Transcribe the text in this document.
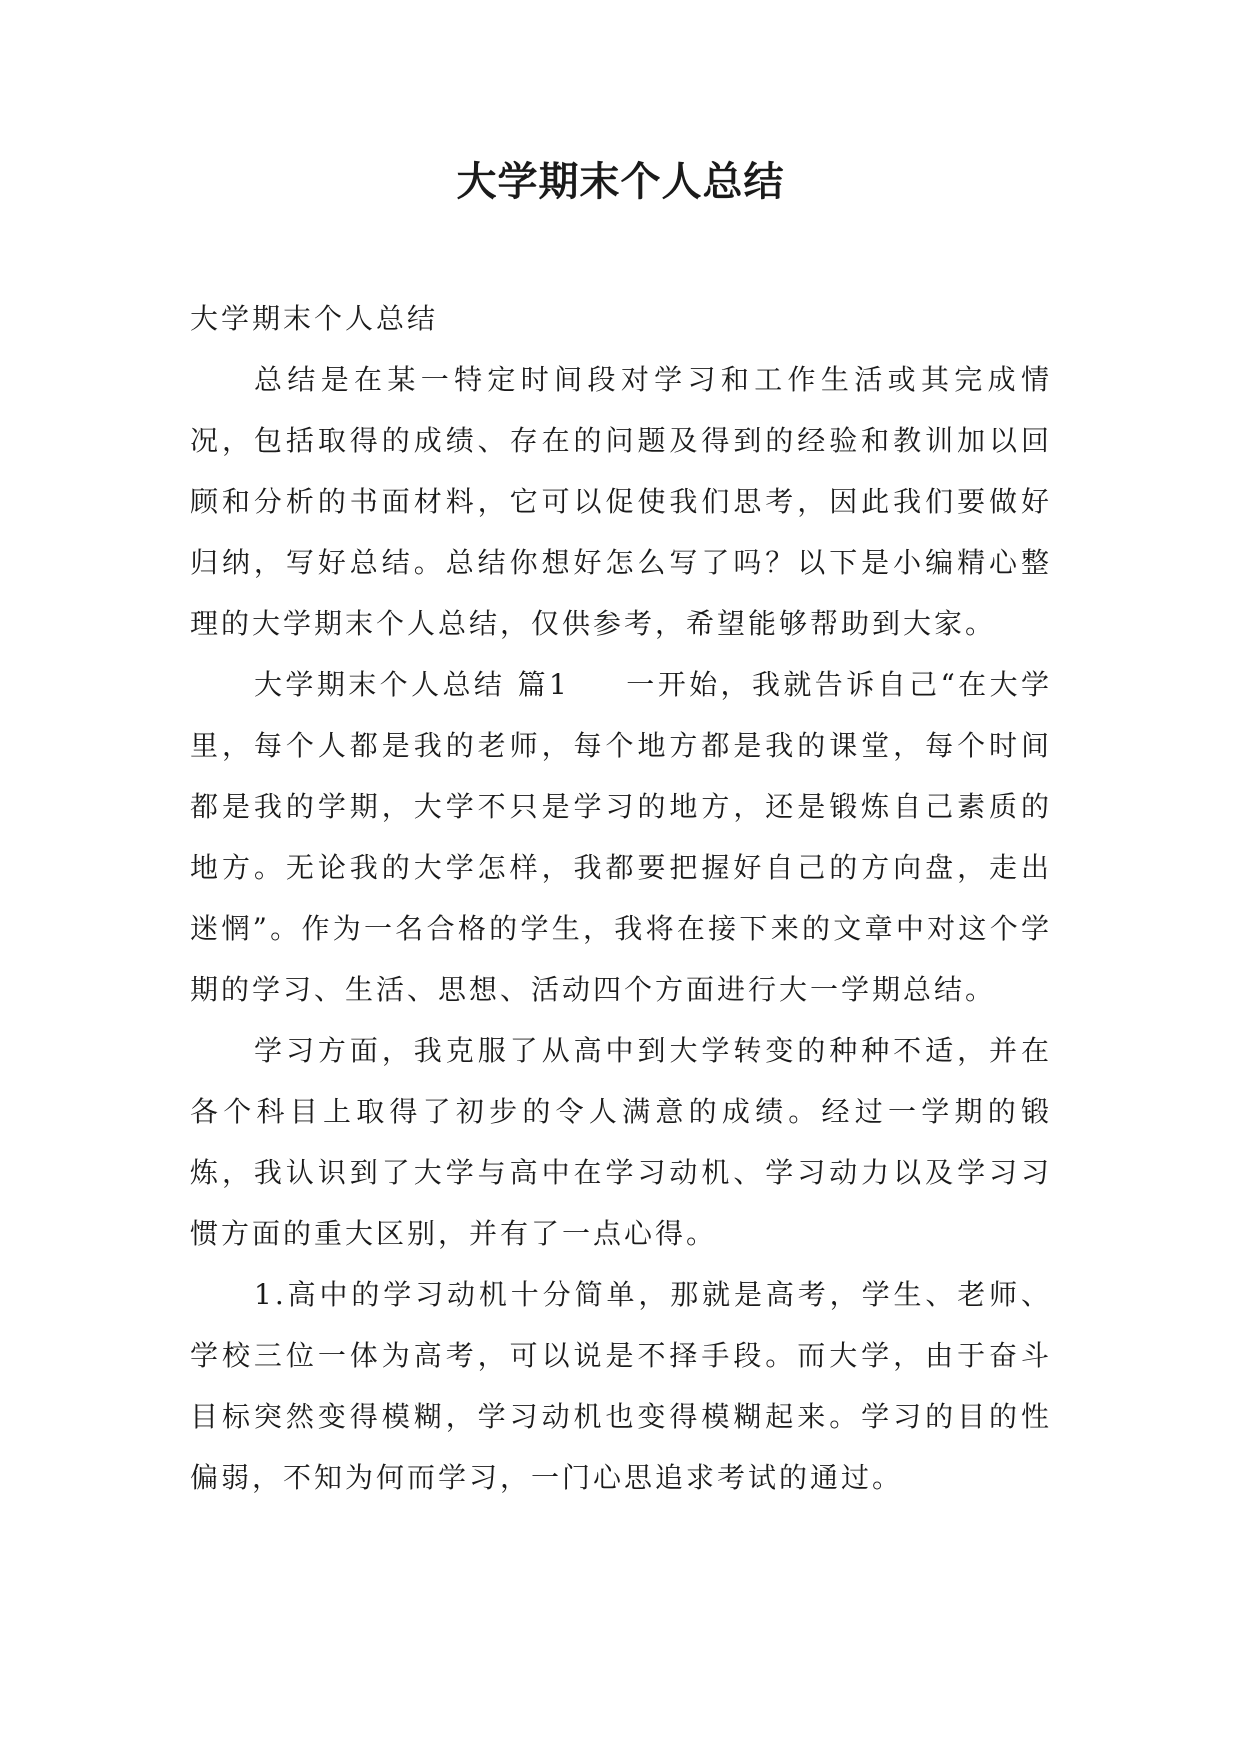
大学期末个人总结

大学期末个人总结

总结是在某一特定时间段对学习和工作生活或其完成情况，包括取得的成绩、存在的问题及得到的经验和教训加以回顾和分析的书面材料，它可以促使我们思考，因此我们要做好归纳，写好总结。总结你想好怎么写了吗？以下是小编精心整理的大学期末个人总结，仅供参考，希望能够帮助到大家。

大学期末个人总结 篇1 一开始，我就告诉自己“在大学里，每个人都是我的老师，每个地方都是我的课堂，每个时间都是我的学期，大学不只是学习的地方，还是锻炼自己素质的地方。无论我的大学怎样，我都要把握好自己的方向盘，走出迷惘”。作为一名合格的学生，我将在接下来的文章中对这个学期的学习、生活、思想、活动四个方面进行大一学期总结。

学习方面，我克服了从高中到大学转变的种种不适，并在各个科目上取得了初步的令人满意的成绩。经过一学期的锻炼，我认识到了大学与高中在学习动机、学习动力以及学习习惯方面的重大区别，并有了一点心得。

1.高中的学习动机十分简单，那就是高考，学生、老师、学校三位一体为高考，可以说是不择手段。而大学，由于奋斗目标突然变得模糊，学习动机也变得模糊起来。学习的目的性偏弱，不知为何而学习，一门心思追求考试的通过。
